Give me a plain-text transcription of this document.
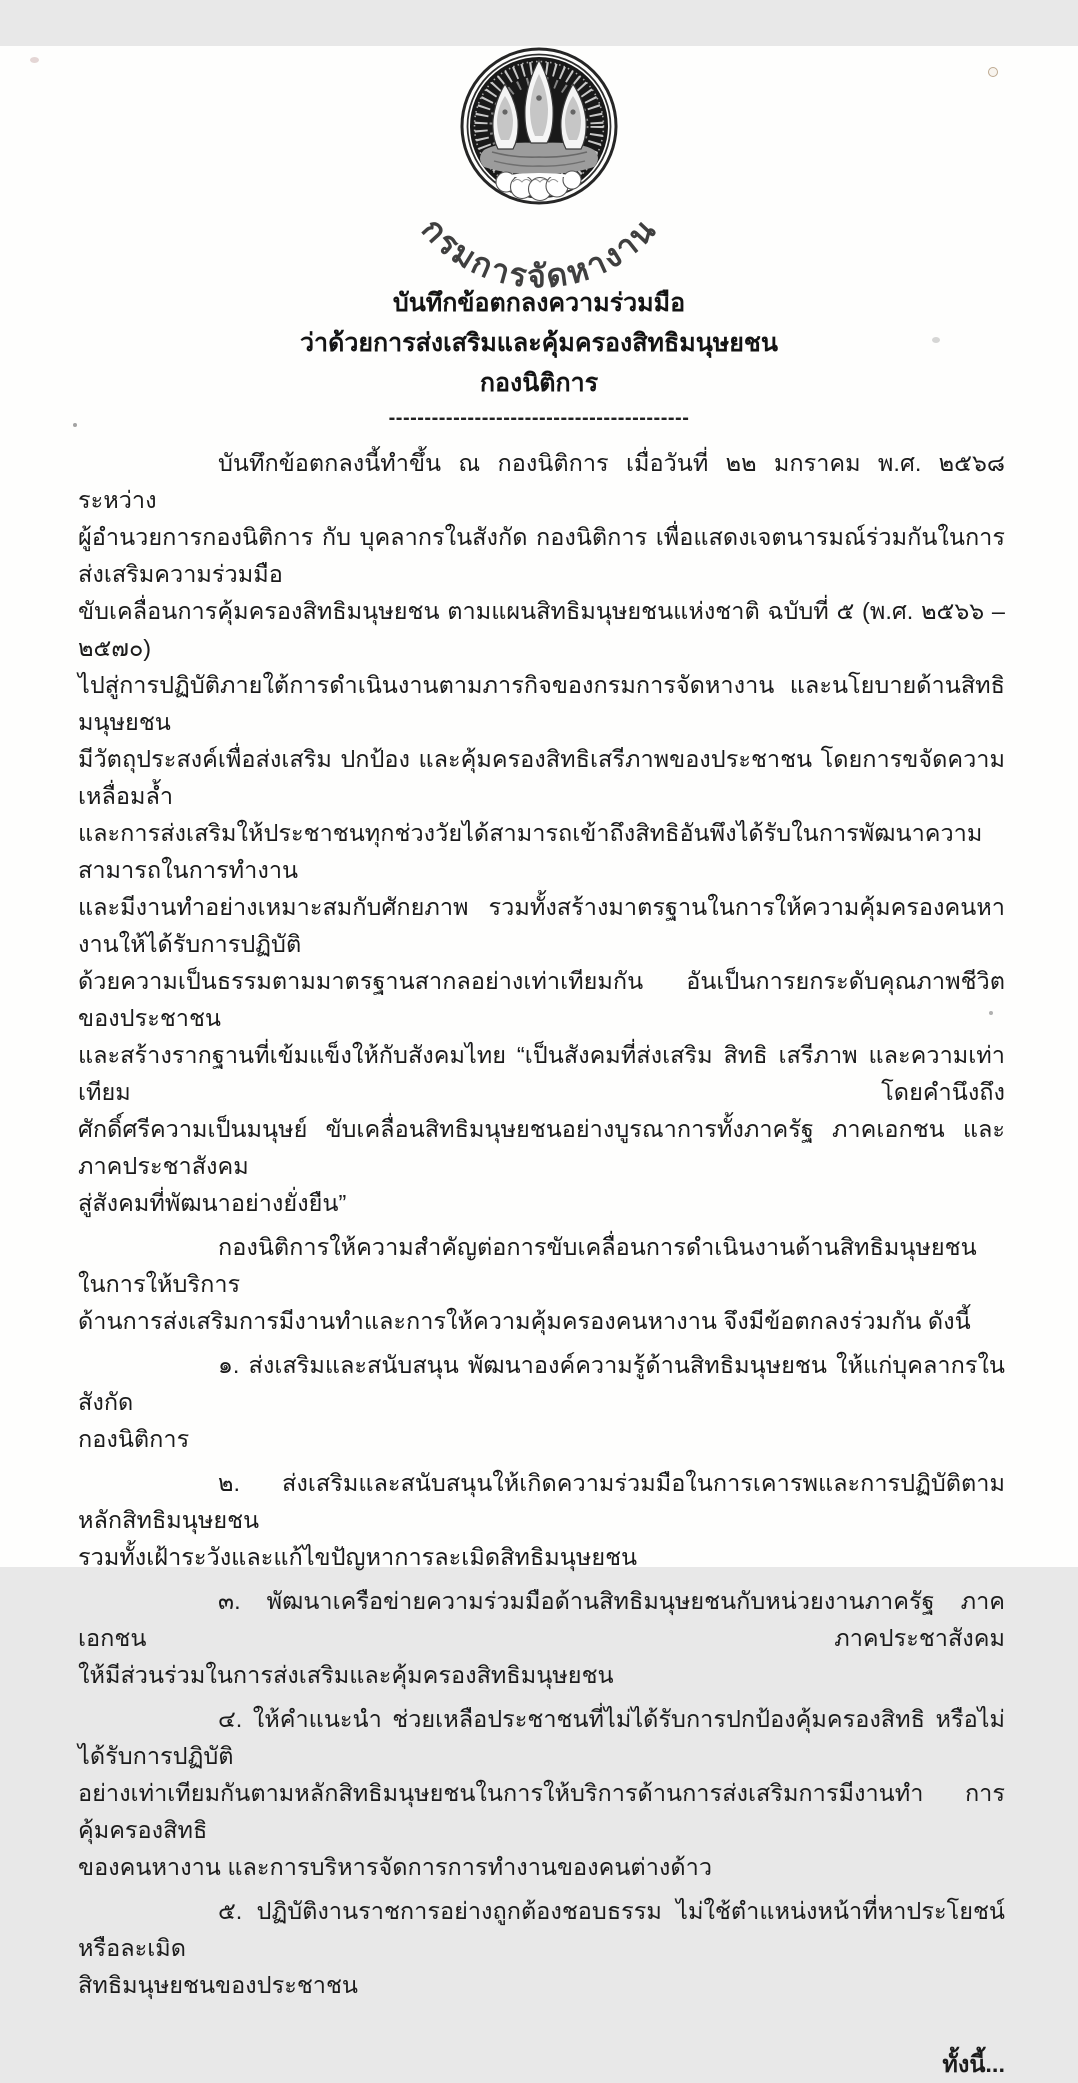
กรมการจัดหางาน
บันทึกข้อตกลงความร่วมมือ
ว่าด้วยการส่งเสริมและคุ้มครองสิทธิมนุษยชน
กองนิติการ
------------------------------------------
บันทึกข้อตกลงนี้ทำขึ้น ณ กองนิติการ เมื่อวันที่ ๒๒ มกราคม พ.ศ. ๒๕๖๘ ระหว่าง
ผู้อำนวยการกองนิติการ กับ บุคลากรในสังกัด กองนิติการ เพื่อแสดงเจตนารมณ์ร่วมกันในการส่งเสริมความร่วมมือ
ขับเคลื่อนการคุ้มครองสิทธิมนุษยชน ตามแผนสิทธิมนุษยชนแห่งชาติ ฉบับที่ ๕ (พ.ศ. ๒๕๖๖ – ๒๕๗๐)
ไปสู่การปฏิบัติภายใต้การดำเนินงานตามภารกิจของกรมการจัดหางาน และนโยบายด้านสิทธิมนุษยชน
มีวัตถุประสงค์เพื่อส่งเสริม ปกป้อง และคุ้มครองสิทธิเสรีภาพของประชาชน โดยการขจัดความเหลื่อมล้ำ
และการส่งเสริมให้ประชาชนทุกช่วงวัยได้สามารถเข้าถึงสิทธิอันพึงได้รับในการพัฒนาความสามารถในการทำงาน
และมีงานทำอย่างเหมาะสมกับศักยภาพ รวมทั้งสร้างมาตรฐานในการให้ความคุ้มครองคนหางานให้ได้รับการปฏิบัติ
ด้วยความเป็นธรรมตามมาตรฐานสากลอย่างเท่าเทียมกัน อันเป็นการยกระดับคุณภาพชีวิตของประชาชน
และสร้างรากฐานที่เข้มแข็งให้กับสังคมไทย “เป็นสังคมที่ส่งเสริม สิทธิ เสรีภาพ และความเท่าเทียม โดยคำนึงถึง
ศักดิ์ศรีความเป็นมนุษย์ ขับเคลื่อนสิทธิมนุษยชนอย่างบูรณาการทั้งภาครัฐ ภาคเอกชน และภาคประชาสังคม
สู่สังคมที่พัฒนาอย่างยั่งยืน”
กองนิติการให้ความสำคัญต่อการขับเคลื่อนการดำเนินงานด้านสิทธิมนุษยชน ในการให้บริการ
ด้านการส่งเสริมการมีงานทำและการให้ความคุ้มครองคนหางาน จึงมีข้อตกลงร่วมกัน ดังนี้
๑. ส่งเสริมและสนับสนุน พัฒนาองค์ความรู้ด้านสิทธิมนุษยชน ให้แก่บุคลากรในสังกัด
กองนิติการ
๒. ส่งเสริมและสนับสนุนให้เกิดความร่วมมือในการเคารพและการปฏิบัติตามหลักสิทธิมนุษยชน
รวมทั้งเฝ้าระวังและแก้ไขปัญหาการละเมิดสิทธิมนุษยชน
๓. พัฒนาเครือข่ายความร่วมมือด้านสิทธิมนุษยชนกับหน่วยงานภาครัฐ ภาคเอกชน ภาคประชาสังคม
ให้มีส่วนร่วมในการส่งเสริมและคุ้มครองสิทธิมนุษยชน
๔. ให้คำแนะนำ ช่วยเหลือประชาชนที่ไม่ได้รับการปกป้องคุ้มครองสิทธิ หรือไม่ได้รับการปฏิบัติ
อย่างเท่าเทียมกันตามหลักสิทธิมนุษยชนในการให้บริการด้านการส่งเสริมการมีงานทำ การคุ้มครองสิทธิ
ของคนหางาน และการบริหารจัดการการทำงานของคนต่างด้าว
๕. ปฏิบัติงานราชการอย่างถูกต้องชอบธรรม ไม่ใช้ตำแหน่งหน้าที่หาประโยชน์หรือละเมิด
สิทธิมนุษยชนของประชาชน
ทั้งนี้...
